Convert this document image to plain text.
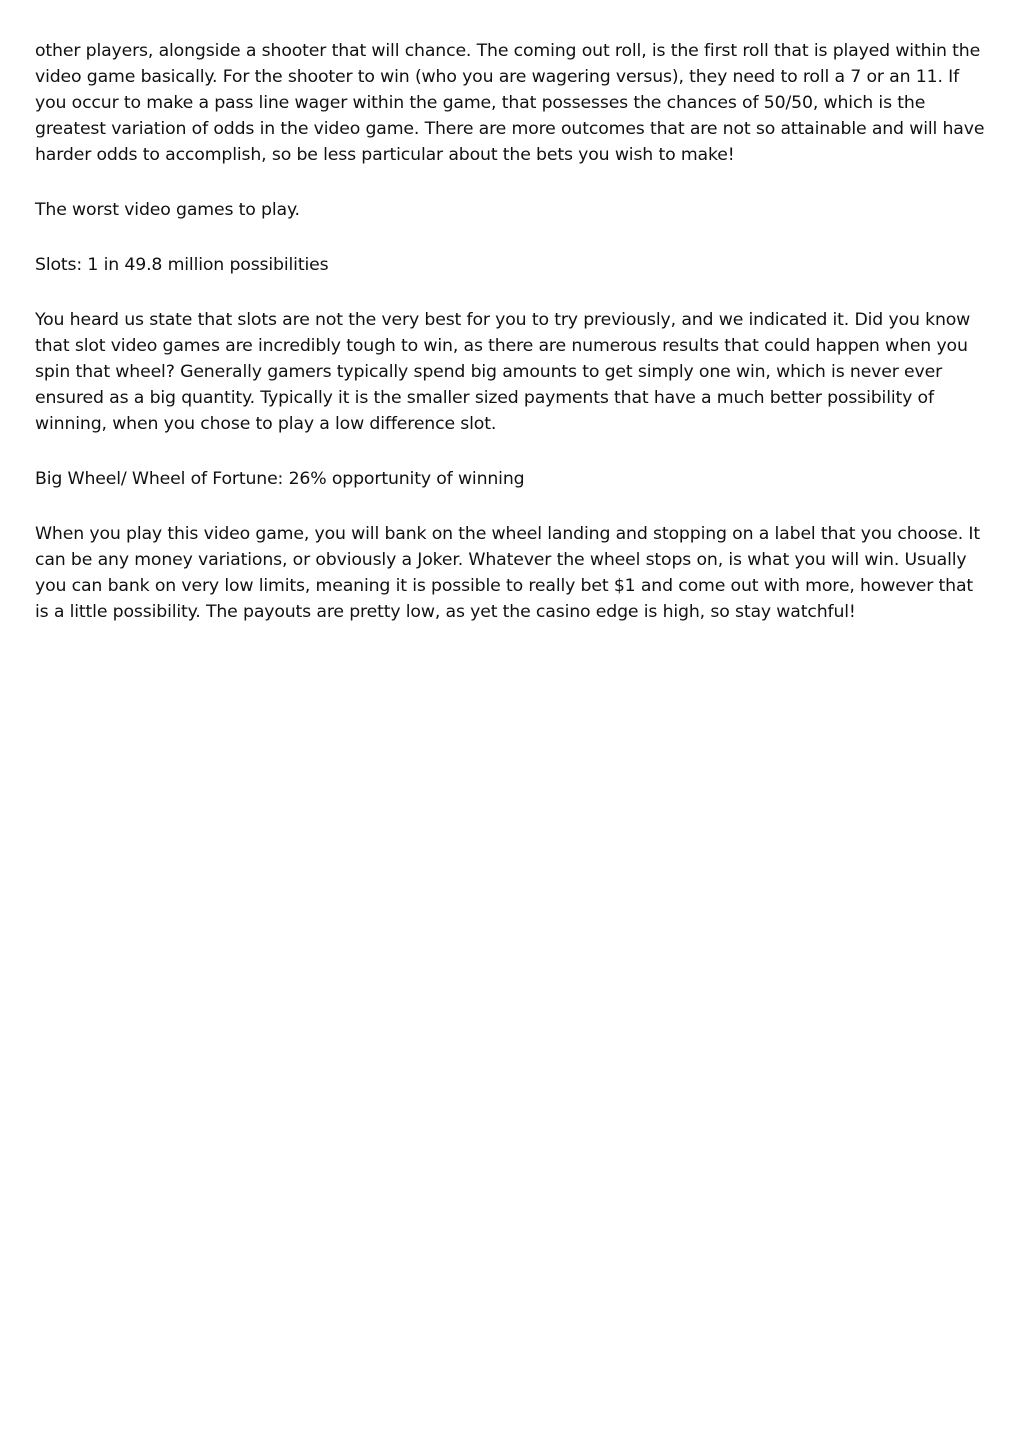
other players, alongside a shooter that will chance. The coming out roll, is the first roll that is played within the video game basically. For the shooter to win (who you are wagering versus), they need to roll a 7 or an 11. If you occur to make a pass line wager within the game, that possesses the chances of 50/50, which is the greatest variation of odds in the video game. There are more outcomes that are not so attainable and will have harder odds to accomplish, so be less particular about the bets you wish to make!

The worst video games to play.

Slots: 1 in 49.8 million possibilities

You heard us state that slots are not the very best for you to try previously, and we indicated it. Did you know that slot video games are incredibly tough to win, as there are numerous results that could happen when you spin that wheel? Generally gamers typically spend big amounts to get simply one win, which is never ever ensured as a big quantity. Typically it is the smaller sized payments that have a much better possibility of winning, when you chose to play a low difference slot.

Big Wheel/ Wheel of Fortune: 26% opportunity of winning

When you play this video game, you will bank on the wheel landing and stopping on a label that you choose. It can be any money variations, or obviously a Joker. Whatever the wheel stops on, is what you will win. Usually you can bank on very low limits, meaning it is possible to really bet $1 and come out with more, however that is a little possibility. The payouts are pretty low, as yet the casino edge is high, so stay watchful!
